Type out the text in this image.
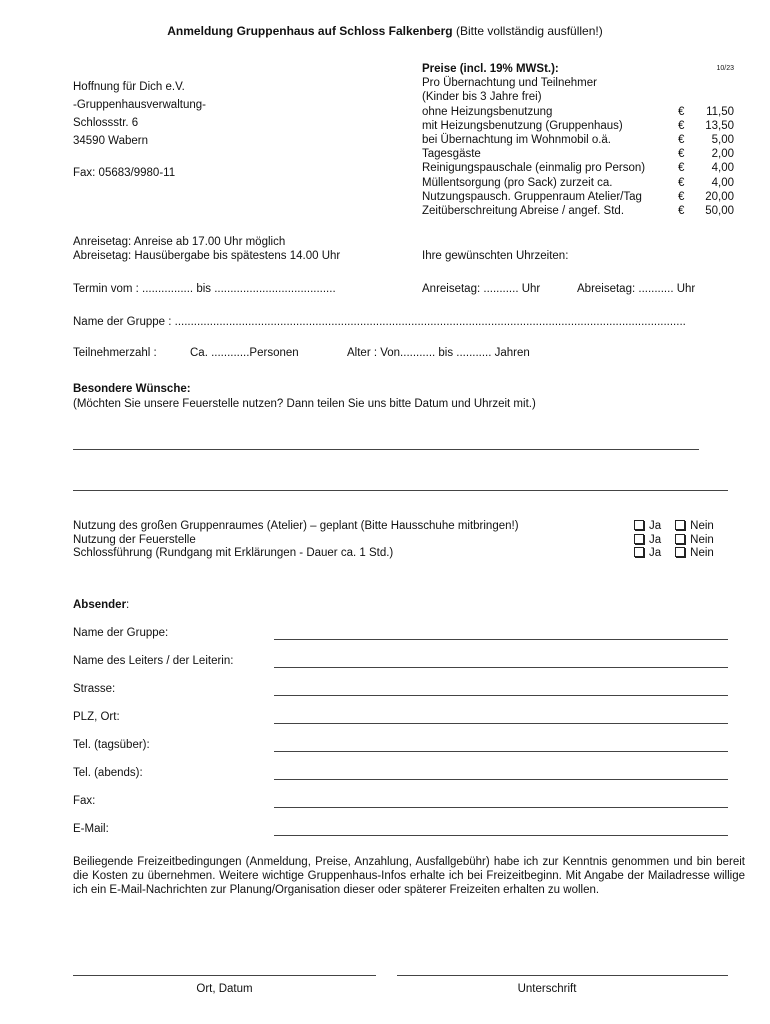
Anmeldung Gruppenhaus auf Schloss Falkenberg (Bitte vollständig ausfüllen!)
Hoffnung für Dich e.V.
-Gruppenhausverwaltung-
Schlossstr. 6
34590 Wabern
Fax: 05683/9980-11
Preise (incl. 19% MWSt.):	10/23
Pro Übernachtung und Teilnehmer
(Kinder bis 3 Jahre frei)
ohne Heizungsbenutzung	€	11,50
mit Heizungsbenutzung (Gruppenhaus)	€	13,50
bei Übernachtung im Wohnmobil o.ä.	€	5,00
Tagesgäste	€	2,00
Reinigungspauschale (einmalig pro Person)	€	4,00
Müllentsorgung (pro Sack) zurzeit ca.	€	4,00
Nutzungspausch. Gruppenraum Atelier/Tag	€	20,00
Zeitüberschreitung Abreise / angef. Std.	€	50,00
Anreisetag: Anreise ab 17.00 Uhr möglich
Abreisetag: Hausübergabe bis spätestens 14.00 Uhr	Ihre gewünschten Uhrzeiten:
Termin vom : ................ bis ......................................	Anreisetag: ........... Uhr	Abreisetag: ........... Uhr
Name der Gruppe : ................................................................................................................................................................
Teilnehmerzahl :	Ca. ............Personen	Alter : Von........... bis ........... Jahren
Besondere Wünsche:
(Möchten Sie unsere Feuerstelle nutzen? Dann teilen Sie uns bitte Datum und Uhrzeit mit.)
Nutzung des großen Gruppenraumes (Atelier) – geplant (Bitte Hausschuhe mitbringen!)
Nutzung der Feuerstelle
Schlossführung (Rundgang mit Erklärungen - Dauer ca. 1 Std.)
Ja	Nein
Ja	Nein
Ja	Nein
Absender:
Name der Gruppe:
Name des Leiters / der Leiterin:
Strasse:
PLZ, Ort:
Tel. (tagsüber):
Tel. (abends):
Fax:
E-Mail:
Beiliegende Freizeitbedingungen (Anmeldung, Preise, Anzahlung, Ausfallgebühr) habe ich zur Kenntnis genommen und bin bereit die Kosten zu übernehmen. Weitere wichtige Gruppenhaus-Infos erhalte ich bei Freizeitbeginn. Mit Angabe der Mailadresse willige ich ein E-Mail-Nachrichten zur Planung/Organisation dieser oder späterer Freizeiten erhalten zu wollen.
Ort, Datum	Unterschrift
